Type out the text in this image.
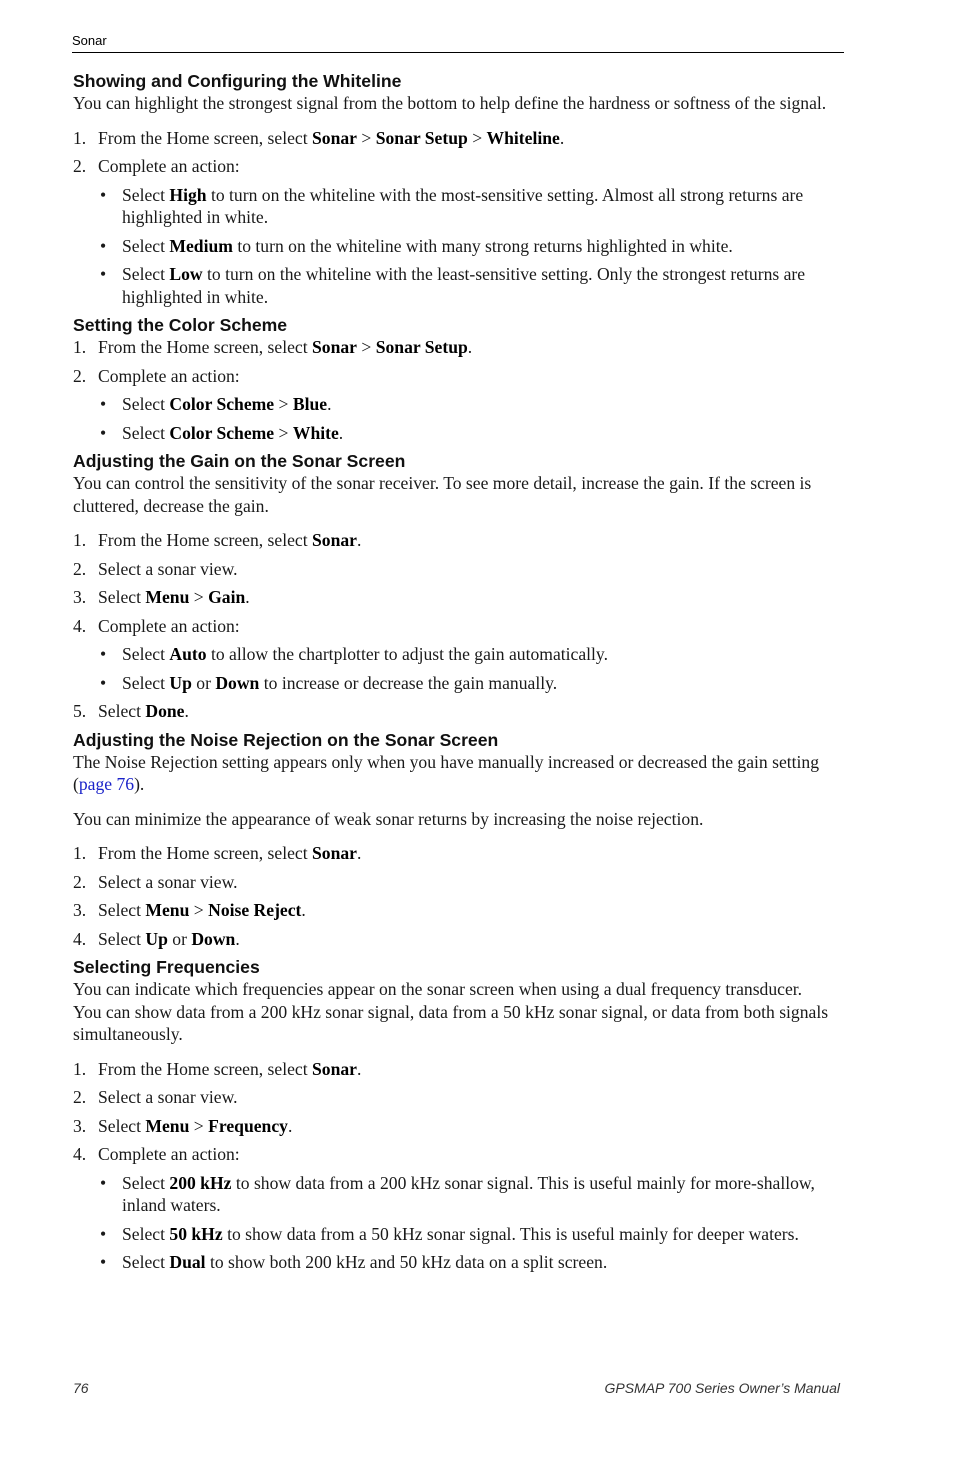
Sonar
Showing and Configuring the Whiteline

You can highlight the strongest signal from the bottom to help define the hardness or softness of the signal.

1. From the Home screen, select Sonar > Sonar Setup > Whiteline.
2. Complete an action:
• Select High to turn on the whiteline with the most-sensitive setting. Almost all strong returns are highlighted in white.
• Select Medium to turn on the whiteline with many strong returns highlighted in white.
• Select Low to turn on the whiteline with the least-sensitive setting. Only the strongest returns are highlighted in white.
Setting the Color Scheme
1. From the Home screen, select Sonar > Sonar Setup.
2. Complete an action:
• Select Color Scheme > Blue.
• Select Color Scheme > White.
Adjusting the Gain on the Sonar Screen

You can control the sensitivity of the sonar receiver. To see more detail, increase the gain. If the screen is cluttered, decrease the gain.

1. From the Home screen, select Sonar.
2. Select a sonar view.
3. Select Menu > Gain.
4. Complete an action:
• Select Auto to allow the chartplotter to adjust the gain automatically.
• Select Up or Down to increase or decrease the gain manually.
5. Select Done.
Adjusting the Noise Rejection on the Sonar Screen

The Noise Rejection setting appears only when you have manually increased or decreased the gain setting (page 76).

You can minimize the appearance of weak sonar returns by increasing the noise rejection.

1. From the Home screen, select Sonar.
2. Select a sonar view.
3. Select Menu > Noise Reject.
4. Select Up or Down.
Selecting Frequencies

You can indicate which frequencies appear on the sonar screen when using a dual frequency transducer. You can show data from a 200 kHz sonar signal, data from a 50 kHz sonar signal, or data from both signals simultaneously.

1. From the Home screen, select Sonar.
2. Select a sonar view.
3. Select Menu > Frequency.
4. Complete an action:
• Select 200 kHz to show data from a 200 kHz sonar signal. This is useful mainly for more-shallow, inland waters.
• Select 50 kHz to show data from a 50 kHz sonar signal. This is useful mainly for deeper waters.
• Select Dual to show both 200 kHz and 50 kHz data on a split screen.
76	GPSMAP 700 Series Owner’s Manual
